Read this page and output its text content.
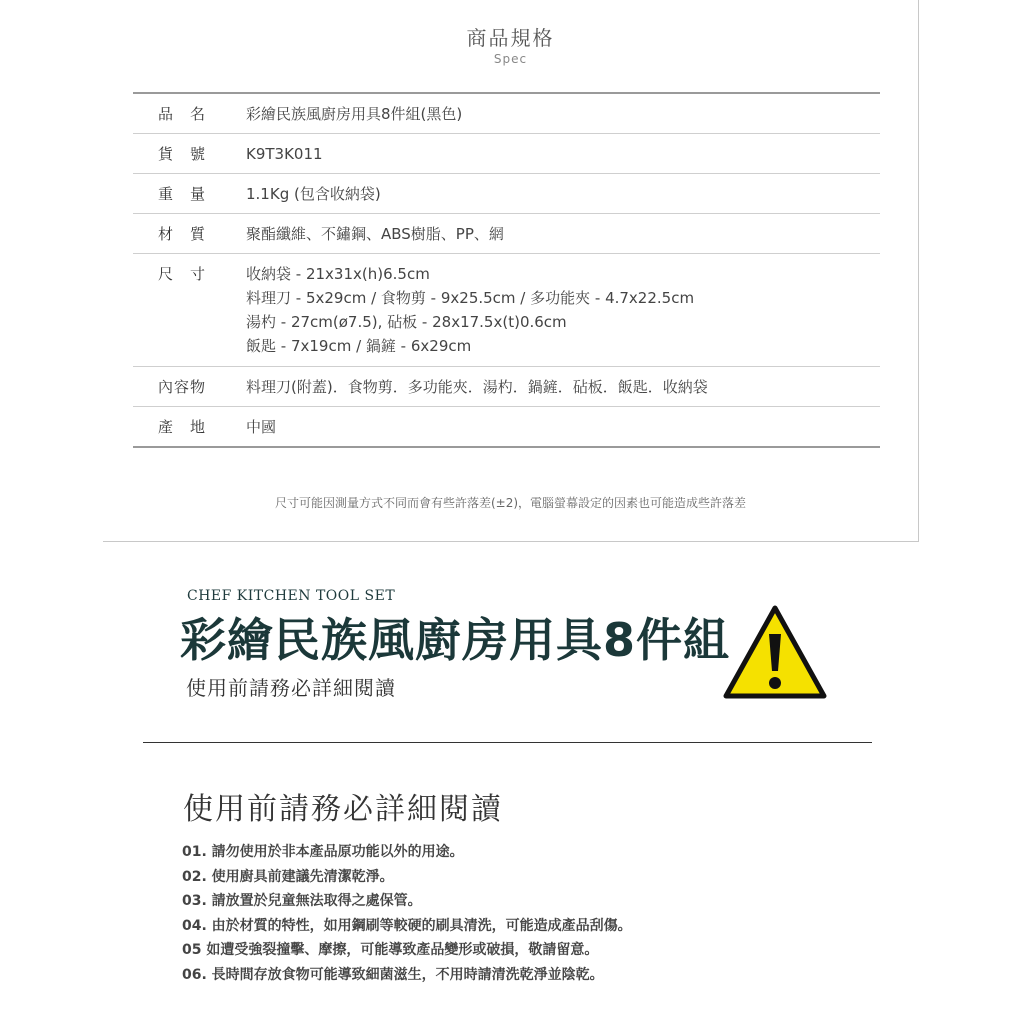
商品規格
Spec
品　名	彩繪民族風廚房用具8件組(黑色)
貨　號	K9T3K011
重　量	1.1Kg (包含收納袋)
材　質	聚酯纖維、不鏽鋼、ABS樹脂、PP、網
尺　寸	收納袋 - 21x31x(h)6.5cm
料理刀 - 5x29cm / 食物剪 - 9x25.5cm / 多功能夾 - 4.7x22.5cm
湯杓 - 27cm(ø7.5), 砧板 - 28x17.5x(t)0.6cm
飯匙 - 7x19cm / 鍋鏟 - 6x29cm
內容物	料理刀(附蓋)．食物剪．多功能夾．湯杓．鍋鏟．砧板．飯匙．收納袋
產　地	中國
尺寸可能因測量方式不同而會有些許落差(±2)，電腦螢幕設定的因素也可能造成些許落差
CHEF KITCHEN TOOL SET
彩繪民族風廚房用具8件組
使用前請務必詳細閱讀
使用前請務必詳細閱讀
01. 請勿使用於非本產品原功能以外的用途。
02. 使用廚具前建議先清潔乾淨。
03. 請放置於兒童無法取得之處保管。
04. 由於材質的特性，如用鋼刷等較硬的刷具清洗，可能造成產品刮傷。
05 如遭受強裂撞擊、摩擦，可能導致產品變形或破損，敬請留意。
06. 長時間存放食物可能導致細菌滋生，不用時請清洗乾淨並陰乾。
